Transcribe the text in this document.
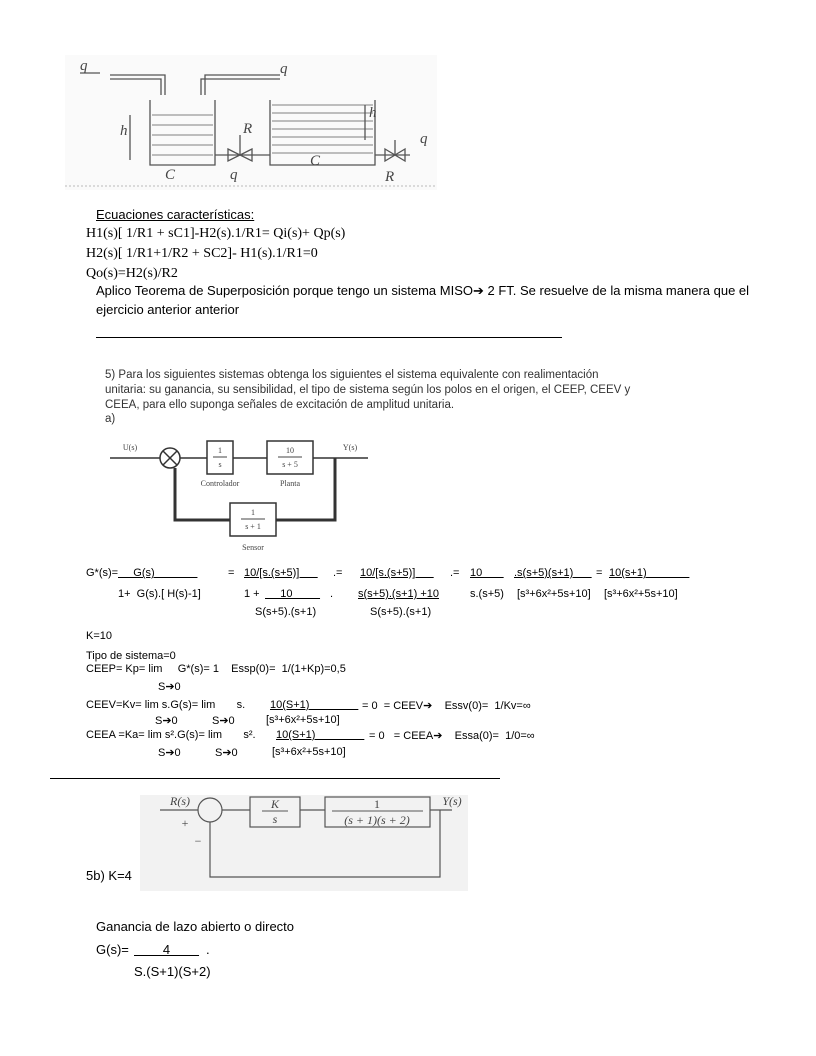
q	q
h	R
C	q
C
h
R
q
Ecuaciones características:
H1(s)[ 1/R1 + sC1]-H2(s).1/R1= Qi(s)+ Qp(s)
H2(s)[ 1/R1+1/R2 + SC2]- H1(s).1/R1=0
Qo(s)=H2(s)/R2
Aplico Teorema de Superposición porque tengo un sistema MISO➔ 2 FT. Se resuelve de la misma manera que el
ejercicio anterior anterior
5) Para los siguientes sistemas obtenga los siguientes el sistema equivalente con realimentación
unitaria: su ganancia, su sensibilidad, el tipo de sistema según los polos en el origen, el CEEP, CEEV y
CEEA, para ello suponga señales de excitación de amplitud unitaria.
a)
U(s)	Y(s)
1
s
Controlador
10
s + 5
Planta
1
s + 1
Sensor
G*(s)= G(s)	= 10/[s.(s+5)] .= 10/[s.(s+5)] .= 10 .s(s+5)(s+1) = 10(s+1)
1+  G(s).[ H(s)-1]	1 + 10 . s(s+5).(s+1) +10	s.(s+5) [s³+6x²+5s+10] [s³+6x²+5s+10]
S(s+5).(s+1)	S(s+5).(s+1)
K=10
Tipo de sistema=0
CEEP= Kp= lim     G*(s)= 1    Essp(0)=  1/(1+Kp)=0,5
S➔0
CEEV=Kv= lim s.G(s)= lim       s. 10(S+1) = 0  = CEEV➔    Essv(0)=  1/Kv=∞
S➔0	S➔0	[s³+6x²+5s+10]
CEEA =Ka= lim s².G(s)= lim       s². 10(S+1) = 0   = CEEA➔    Essa(0)=  1/0=∞
S➔0	S➔0	[s³+6x²+5s+10]
R(s)	Y(s)
+
−
K
s
1
(s + 1)(s + 2)
5b) K=4
Ganancia de lazo abierto o directo
G(s)= 4 .
S.(S+1)(S+2)
